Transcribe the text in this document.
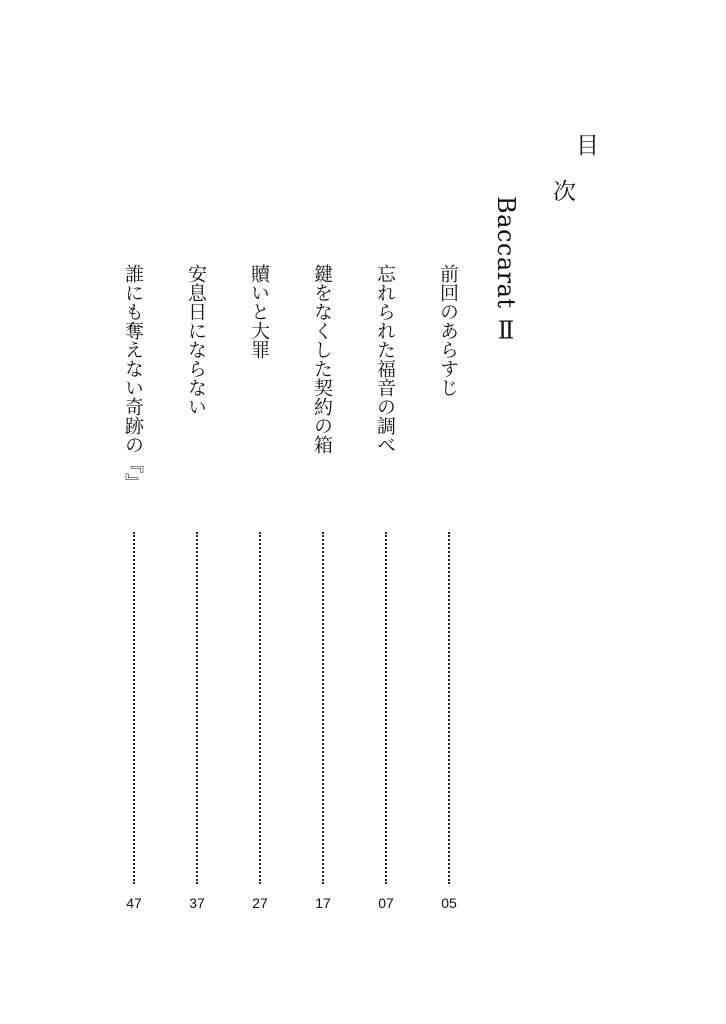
目
次
Baccarat Ⅱ
前回のあらすじ
05
忘れられた福音の調べ
07
鍵をなくした契約の箱
17
贖いと大罪
27
安息日にならない
37
誰にも奪えない奇跡の『』
47
